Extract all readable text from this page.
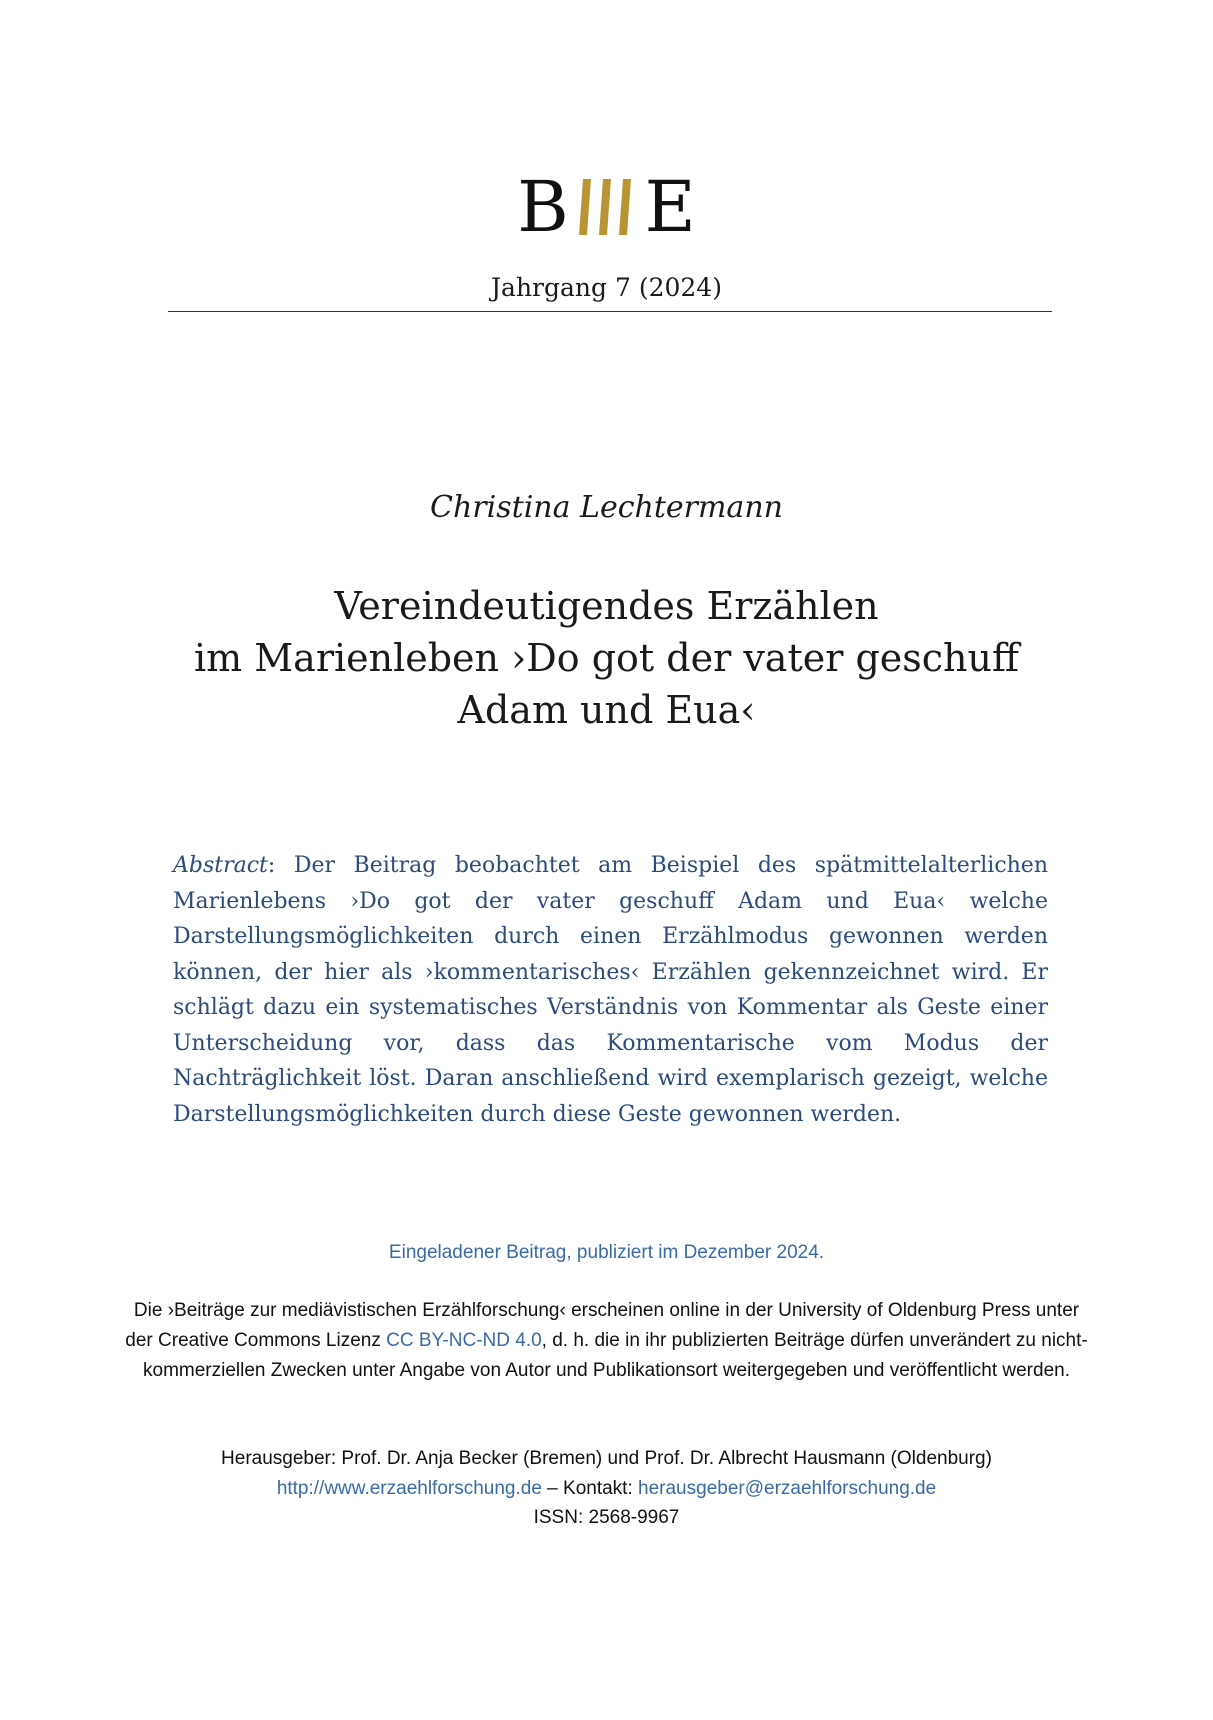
B E
Jahrgang 7 (2024)
Christina Lechtermann
Vereindeutigendes Erzählen
im Marienleben ›Do got der vater geschuff
Adam und Eua‹

Abstract: Der Beitrag beobachtet am Beispiel des spätmittelalterlichen Marienlebens ›Do got der vater geschuff Adam und Eua‹ welche Darstellungsmöglichkeiten durch einen Erzählmodus gewonnen werden können, der hier als ›kommentarisches‹ Erzählen gekennzeichnet wird. Er schlägt dazu ein systematisches Verständnis von Kommentar als Geste einer Unterscheidung vor, dass das Kommentarische vom Modus der Nachträglichkeit löst. Daran anschließend wird exemplarisch gezeigt, welche Darstellungsmöglichkeiten durch diese Geste gewonnen werden.

Eingeladener Beitrag, publiziert im Dezember 2024.
Die ›Beiträge zur mediävistischen Erzählforschung‹ erscheinen online in der University of Oldenburg Press unter der Creative Commons Lizenz CC BY-NC-ND 4.0, d. h. die in ihr publizierten Beiträge dürfen unverändert zu nicht-kommerziellen Zwecken unter Angabe von Autor und Publikationsort weitergegeben und veröffentlicht werden.
Herausgeber: Prof. Dr. Anja Becker (Bremen) und Prof. Dr. Albrecht Hausmann (Oldenburg)
http://www.erzaehlforschung.de – Kontakt: herausgeber@erzaehlforschung.de
ISSN: 2568-9967
